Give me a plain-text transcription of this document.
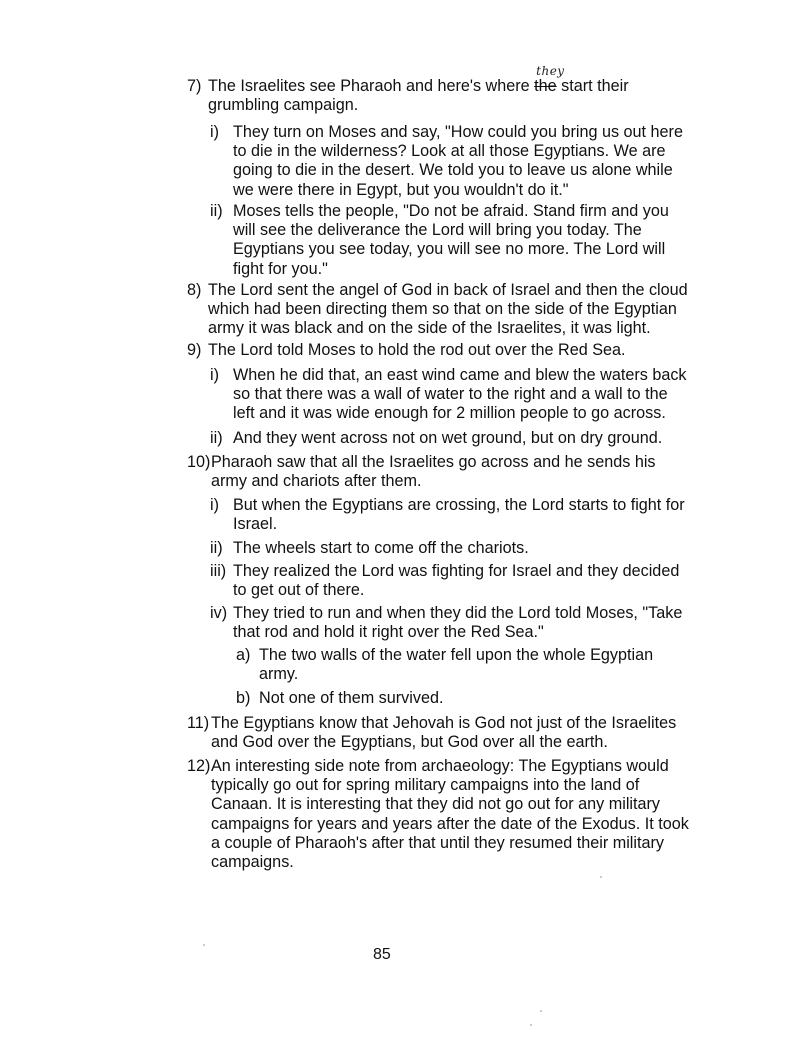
7) The Israelites see Pharaoh and here's where the
they
start their
grumbling campaign.
i) They turn on Moses and say, "How could you bring us out here
to die in the wilderness? Look at all those Egyptians. We are
going to die in the desert. We told you to leave us alone while
we were there in Egypt, but you wouldn't do it."
ii) Moses tells the people, "Do not be afraid. Stand firm and you
will see the deliverance the Lord will bring you today. The
Egyptians you see today, you will see no more. The Lord will
fight for you."
8) The Lord sent the angel of God in back of Israel and then the cloud
which had been directing them so that on the side of the Egyptian
army it was black and on the side of the Israelites, it was light.
9) The Lord told Moses to hold the rod out over the Red Sea.
i) When he did that, an east wind came and blew the waters back
so that there was a wall of water to the right and a wall to the
left and it was wide enough for 2 million people to go across.
ii) And they went across not on wet ground, but on dry ground.
10) Pharaoh saw that all the Israelites go across and he sends his
army and chariots after them.
i) But when the Egyptians are crossing, the Lord starts to fight for
Israel.
ii) The wheels start to come off the chariots.
iii) They realized the Lord was fighting for Israel and they decided
to get out of there.
iv) They tried to run and when they did the Lord told Moses, "Take
that rod and hold it right over the Red Sea."
a) The two walls of the water fell upon the whole Egyptian
army.
b) Not one of them survived.
11) The Egyptians know that Jehovah is God not just of the Israelites
and God over the Egyptians, but God over all the earth.
12) An interesting side note from archaeology: The Egyptians would
typically go out for spring military campaigns into the land of
Canaan. It is interesting that they did not go out for any military
campaigns for years and years after the date of the Exodus. It took
a couple of Pharaoh's after that until they resumed their military
campaigns.
85
